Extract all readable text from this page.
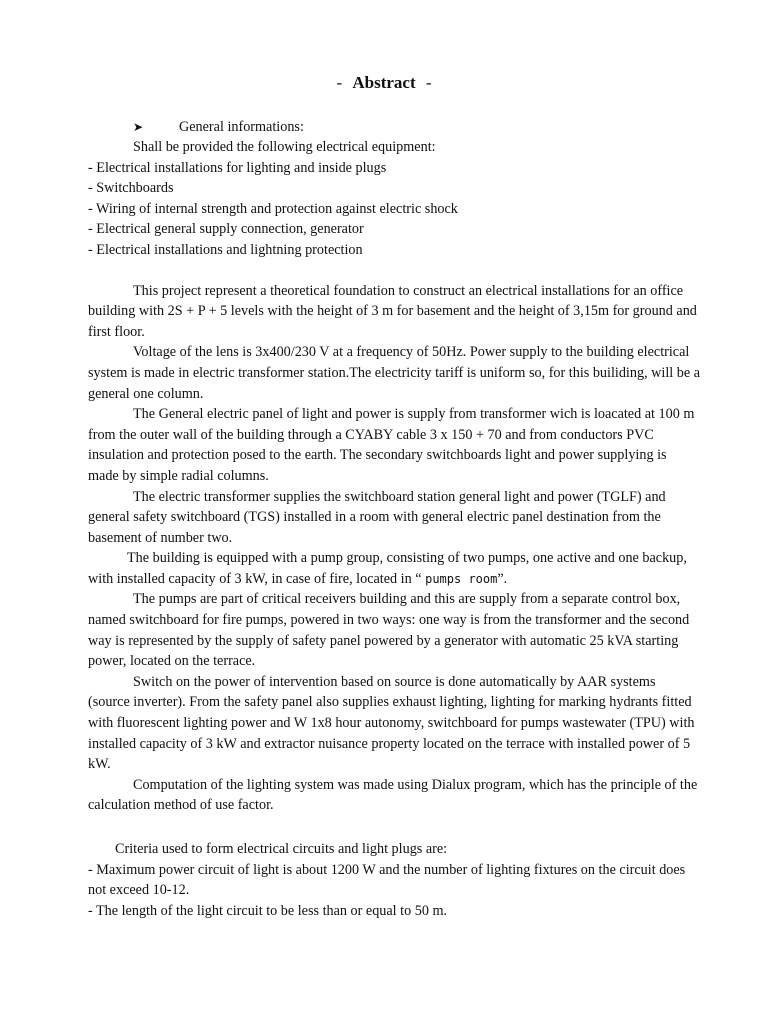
- Abstract -
➤	General informations:

Shall be provided the following electrical equipment:

- Electrical installations for lighting and inside plugs

- Switchboards

- Wiring of internal strength and protection against electric shock

- Electrical general supply connection, generator

- Electrical installations and lightning protection

This project represent a theoretical foundation to construct an electrical installations for an office building with 2S + P + 5 levels with the height of 3 m for basement and the height of 3,15m for ground and first floor.

Voltage of the lens is 3x400/230 V at a frequency of 50Hz. Power supply to the building electrical system is made in electric transformer station.The electricity tariff is uniform so, for this builiding, will be a general one column.

The General electric panel of light and power is supply from transformer wich is loacated at 100 m from the outer wall of the building through a CYABY cable 3 x 150 + 70 and from conductors PVC insulation and protection posed to the earth. The secondary switchboards light and power supplying is made by simple radial columns.

The electric transformer supplies the switchboard station general light and power (TGLF) and general safety switchboard (TGS) installed in a room with general electric panel destination from the basement of number two.

The building is equipped with a pump group, consisting of two pumps, one active and one backup, with installed capacity of 3 kW, in case of fire, located in “ pumps room”.

The pumps are part of critical receivers building and this are supply from a separate control box, named switchboard for fire pumps, powered in two ways: one way is from the transformer and the second way is represented by the supply of safety panel powered by a generator with automatic 25 kVA starting power, located on the terrace.

Switch on the power of intervention based on source is done automatically by AAR systems (source inverter). From the safety panel also supplies exhaust lighting, lighting for marking hydrants fitted with fluorescent lighting power and W 1x8 hour autonomy, switchboard for pumps wastewater (TPU) with installed capacity of 3 kW and extractor nuisance property located on the terrace with installed power of 5 kW.

Computation of the lighting system was made using Dialux program, which has the principle of the calculation method of use factor.

Criteria used to form electrical circuits and light plugs are:

- Maximum power circuit of light is about 1200 W and the number of lighting fixtures on the circuit does not exceed 10-12.

- The length of the light circuit to be less than or equal to 50 m.
